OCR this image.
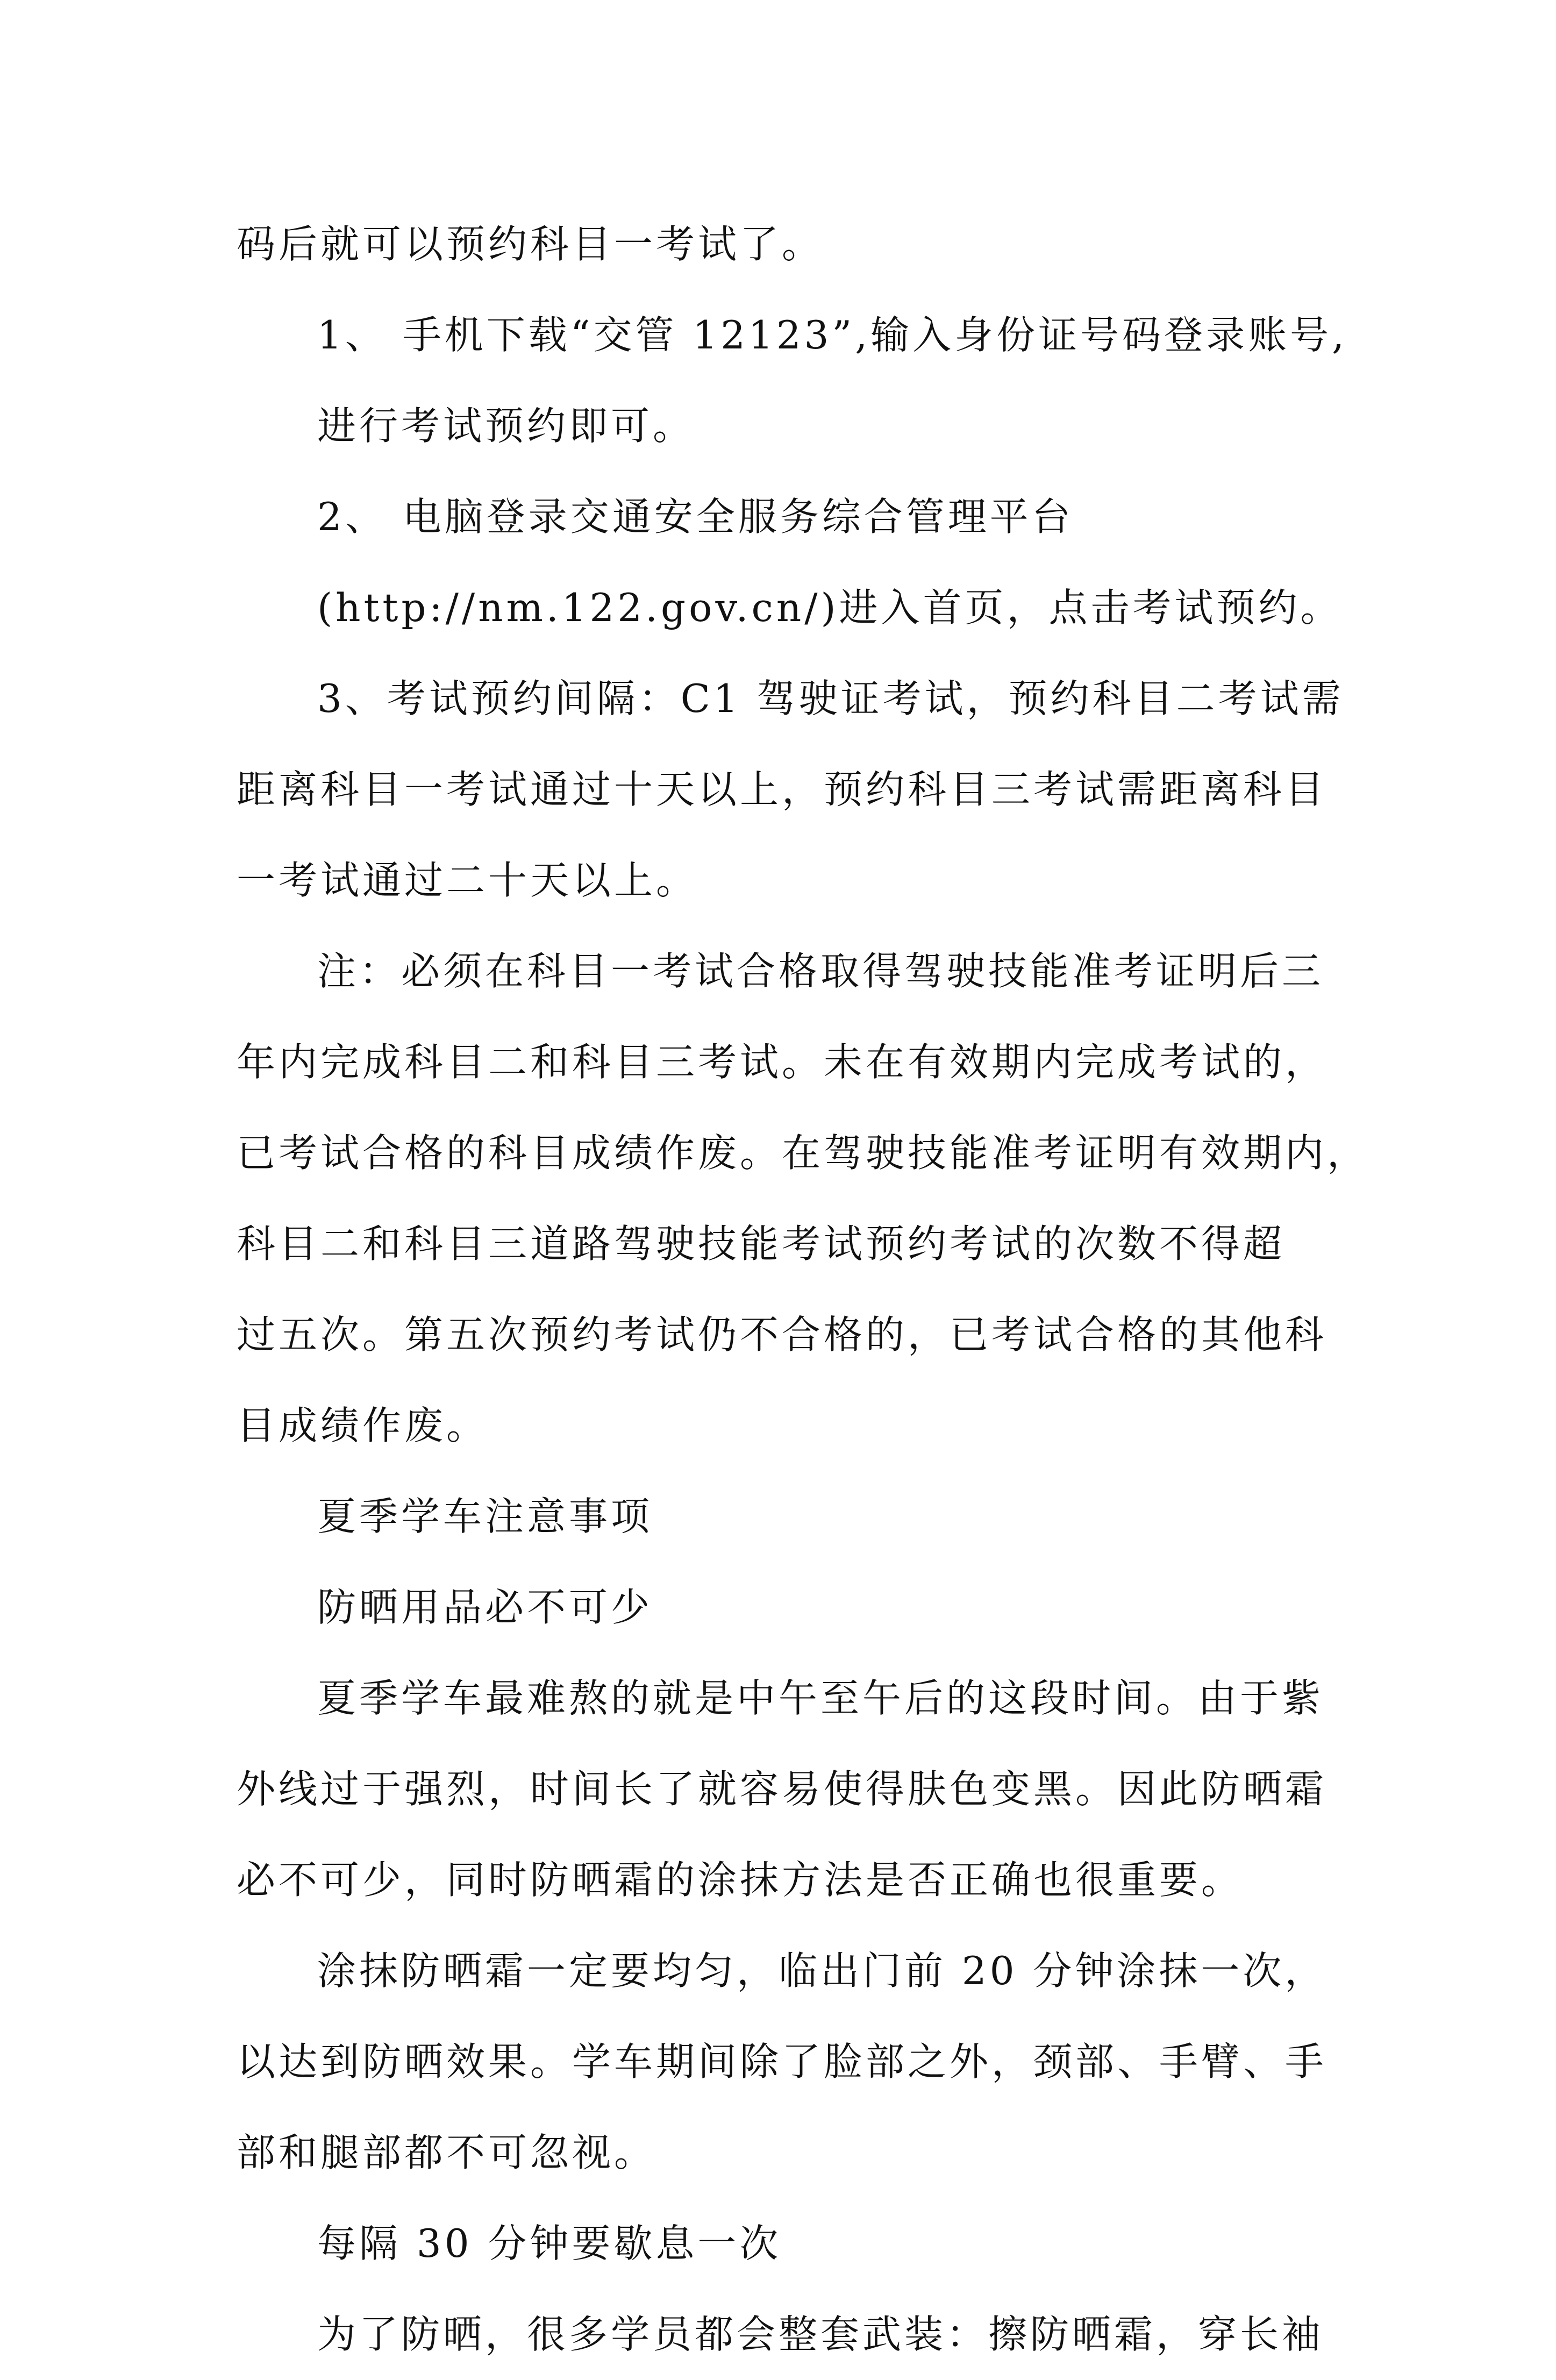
码后就可以预约科目一考试了。

1、 手机下载“交管 12123”,输入身份证号码登录账号,

进行考试预约即可。

2、 电脑登录交通安全服务综合管理平台

(http://nm.122.gov.cn/)进入首页，点击考试预约。

3、考试预约间隔：C1 驾驶证考试，预约科目二考试需

距离科目一考试通过十天以上，预约科目三考试需距离科目

一考试通过二十天以上。

注：必须在科目一考试合格取得驾驶技能准考证明后三

年内完成科目二和科目三考试。未在有效期内完成考试的，

已考试合格的科目成绩作废。在驾驶技能准考证明有效期内，

科目二和科目三道路驾驶技能考试预约考试的次数不得超

过五次。第五次预约考试仍不合格的，已考试合格的其他科

目成绩作废。

夏季学车注意事项

防晒用品必不可少

夏季学车最难熬的就是中午至午后的这段时间。由于紫

外线过于强烈，时间长了就容易使得肤色变黑。因此防晒霜

必不可少，同时防晒霜的涂抹方法是否正确也很重要。

涂抹防晒霜一定要均匀，临出门前 20 分钟涂抹一次，

以达到防晒效果。学车期间除了脸部之外，颈部、手臂、手

部和腿部都不可忽视。

每隔 30 分钟要歇息一次

为了防晒，很多学员都会整套武装：擦防晒霜，穿长袖
